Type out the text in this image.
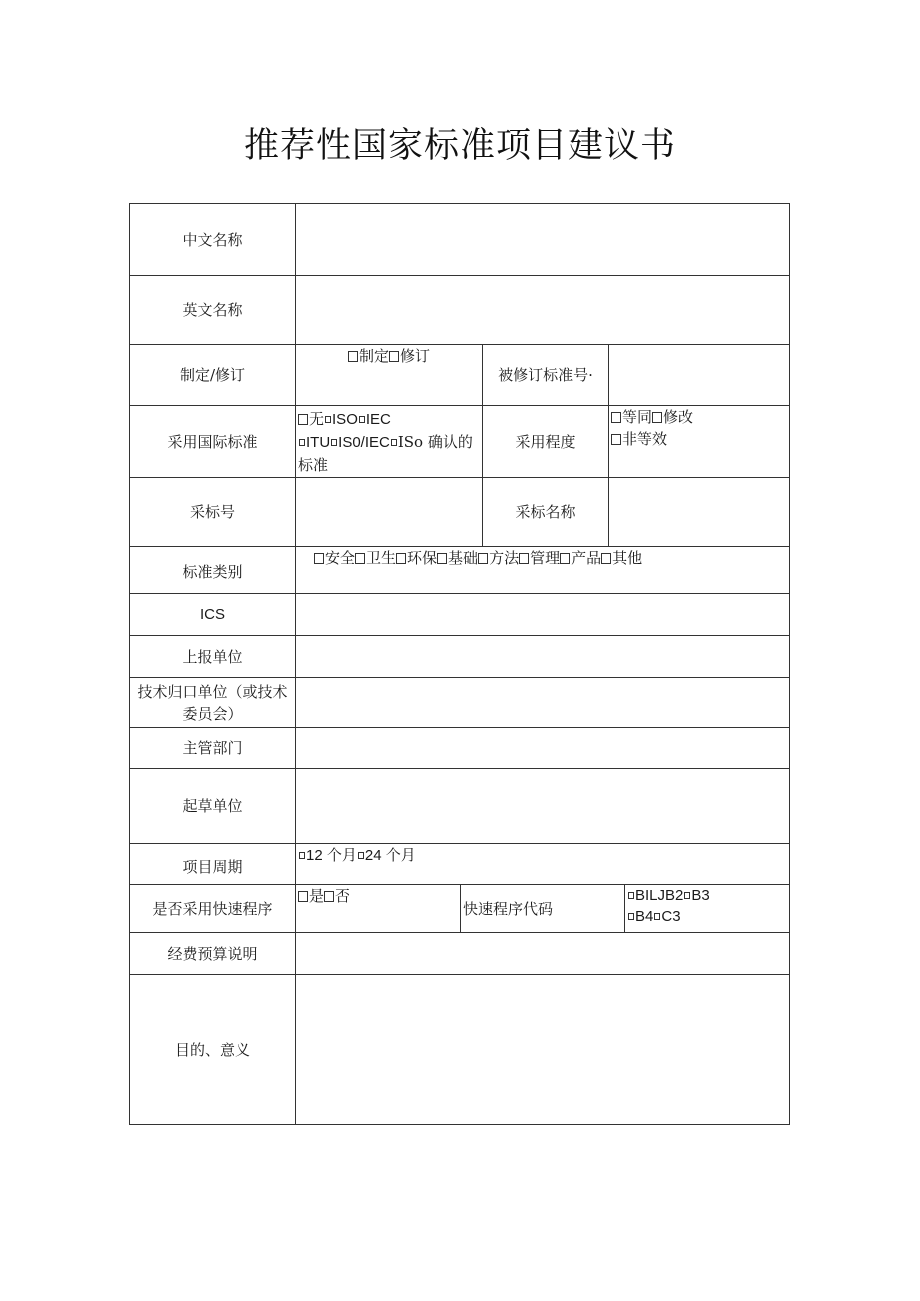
推荐性国家标准项目建议书
中文名称
英文名称
制定/修订
制定 修订
被修订标准号·
采用国际标准
无 ISO IEC
ITU IS0/IEC ISo 确认的
标准
采用程度
等同 修改
非等效
采标号	采标名称
标准类别
安全 卫生 环保 基础 方法 管理 产品 其他
ICS
上报单位
技术归口单位（或技术
委员会）
主管部门
起草单位
项目周期
12 个月 24 个月
是否采用快速程序
是 否
快速程序代码
BILJB2 B3
B4 C3
经费预算说明
目的、意义
